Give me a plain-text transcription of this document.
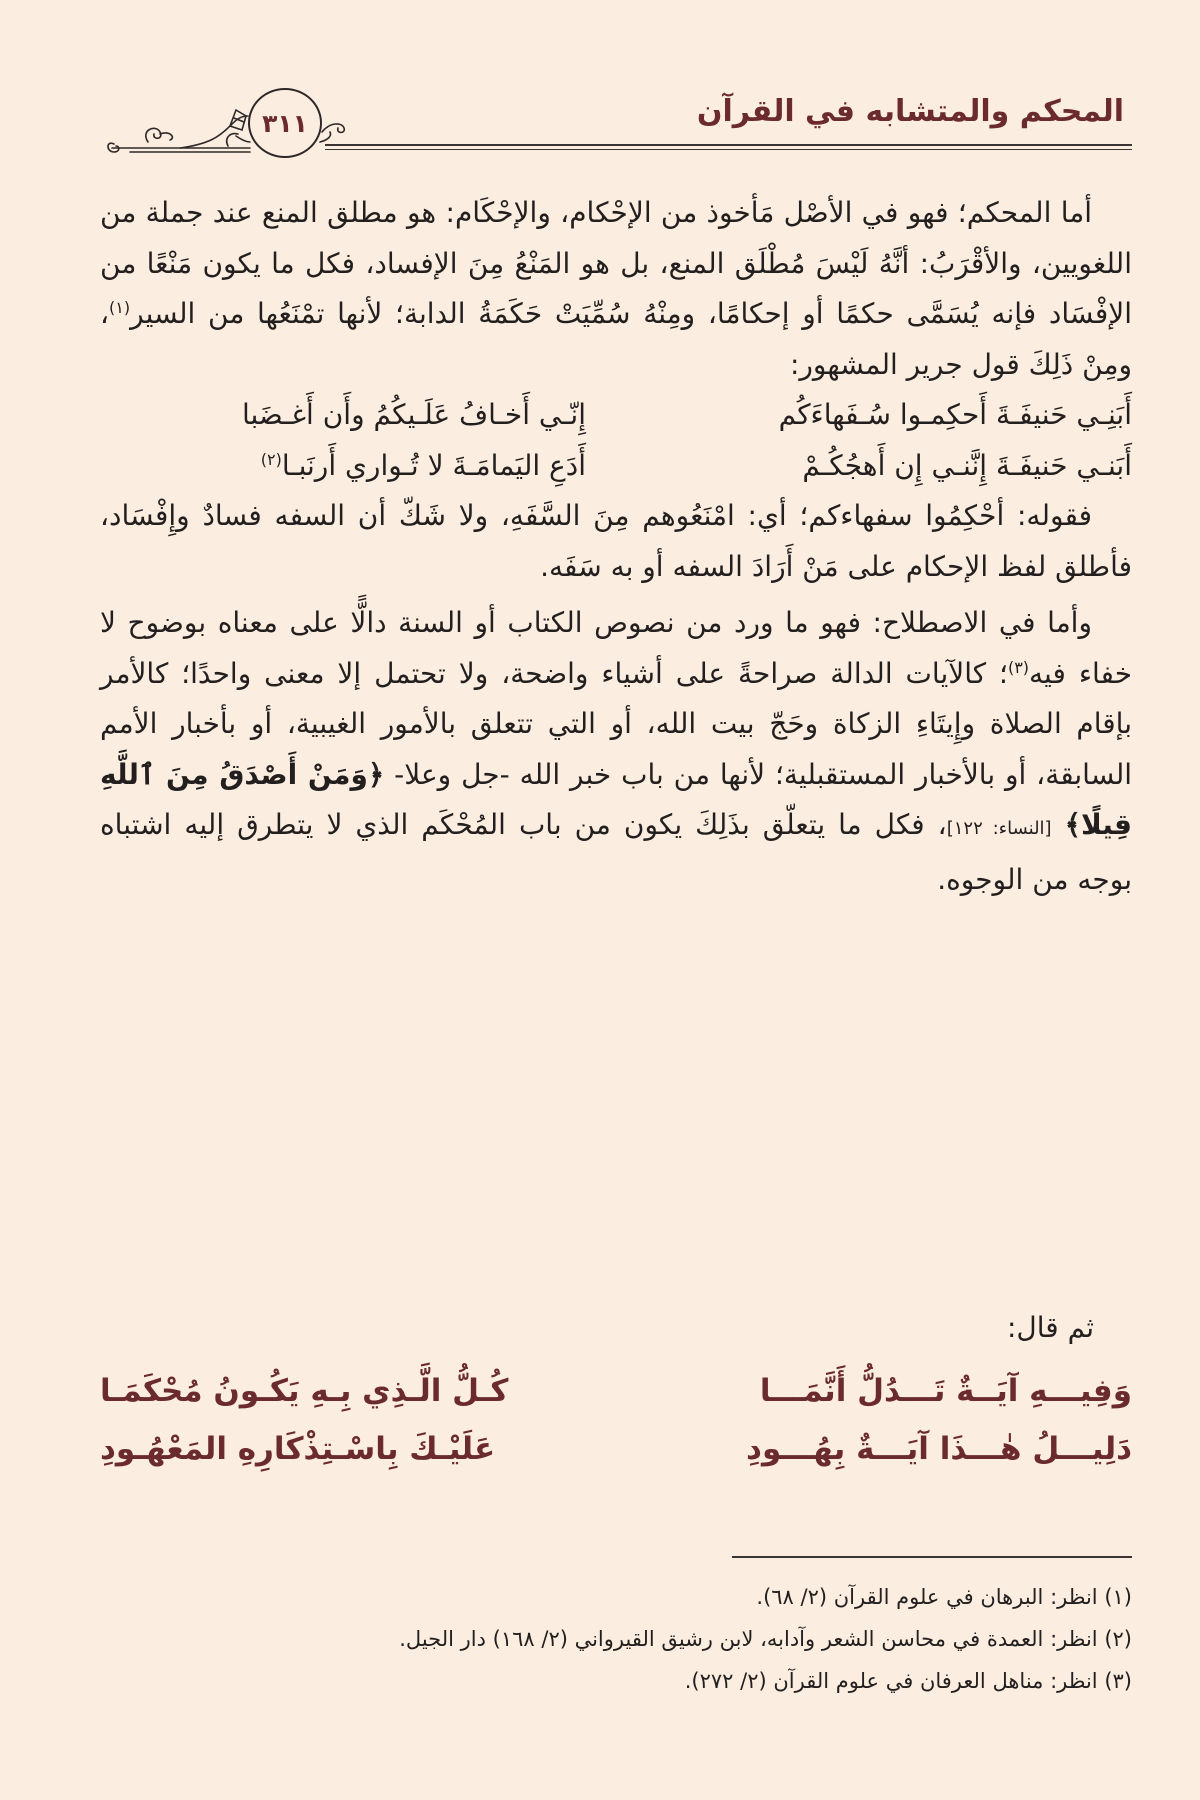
المحكم والمتشابه في القرآن
٣١١

أما المحكم؛ فهو في الأصْل مَأخوذ من الإحْكام، والإحْكَام: هو مطلق المنع عند جملة من اللغويين، والأقْرَبُ: أنَّهُ لَيْسَ مُطْلَق المنع، بل هو المَنْعُ مِنَ الإفساد، فكل ما يكون مَنْعًا من الإفْسَاد فإنه يُسَمَّى حكمًا أو إحكامًا، ومِنْهُ سُمِّيَتْ حَكَمَةُ الدابة؛ لأنها تمْنَعُها من السير$^{(١)}$، ومِنْ ذَلِكَ قول جرير المشهور:

أَبَنِـي حَنيفَـةَ أَحكِمـوا سُـفَهاءَكُم
إِنّـي أَخـافُ عَلَـيكُمُ وأَن أَغـضَبا
أَبَنـي حَنيفَـةَ إِنَّنـي إِن أَهجُكُـمْ
أَدَعِ اليَمامَـةَ لا تُـواري أَرنَبـا$^{(٢)}$

فقوله: أحْكِمُوا سفهاءكم؛ أي: امْنَعُوهم مِنَ السَّفَهِ، ولا شَكّ أن السفه فسادٌ وإِفْسَاد، فأطلق لفظ الإحكام على مَنْ أَرَادَ السفه أو به سَفَه.

وأما في الاصطلاح: فهو ما ورد من نصوص الكتاب أو السنة دالًّا على معناه بوضوح لا خفاء فيه$^{(٣)}$؛ كالآيات الدالة صراحةً على أشياء واضحة، ولا تحتمل إلا معنى واحدًا؛ كالأمر بإقام الصلاة وإِيتَاءِ الزكاة وحَجّ بيت الله، أو التي تتعلق بالأمور الغيبية، أو بأخبار الأمم السابقة، أو بالأخبار المستقبلية؛ لأنها من باب خبر الله -جل وعلا- ﴿وَمَنْ أَصْدَقُ مِنَ ٱللَّهِ قِيلًا﴾ [النساء: ١٢٢]، فكل ما يتعلّق بذَلِكَ يكون من باب المُحْكَم الذي لا يتطرق إليه اشتباه بوجه من الوجوه.

ثم قال:

وَفِيـــهِ آيَــةٌ تَـــدُلُّ أَنَّمَـــا
كُـلُّ الَّـذِي بِـهِ يَكُـونُ مُحْكَمَـا
دَلِيـــلُ هٰـــذَا آيَـــةٌ بِهُـــودِ
عَلَيْـكَ بِاسْـتِذْكَارِهِ المَعْهُـودِ

(١) انظر: البرهان في علوم القرآن (٢/ ٦٨).

(٢) انظر: العمدة في محاسن الشعر وآدابه، لابن رشيق القيرواني (٢/ ١٦٨) دار الجيل.

(٣) انظر: مناهل العرفان في علوم القرآن (٢/ ٢٧٢).
